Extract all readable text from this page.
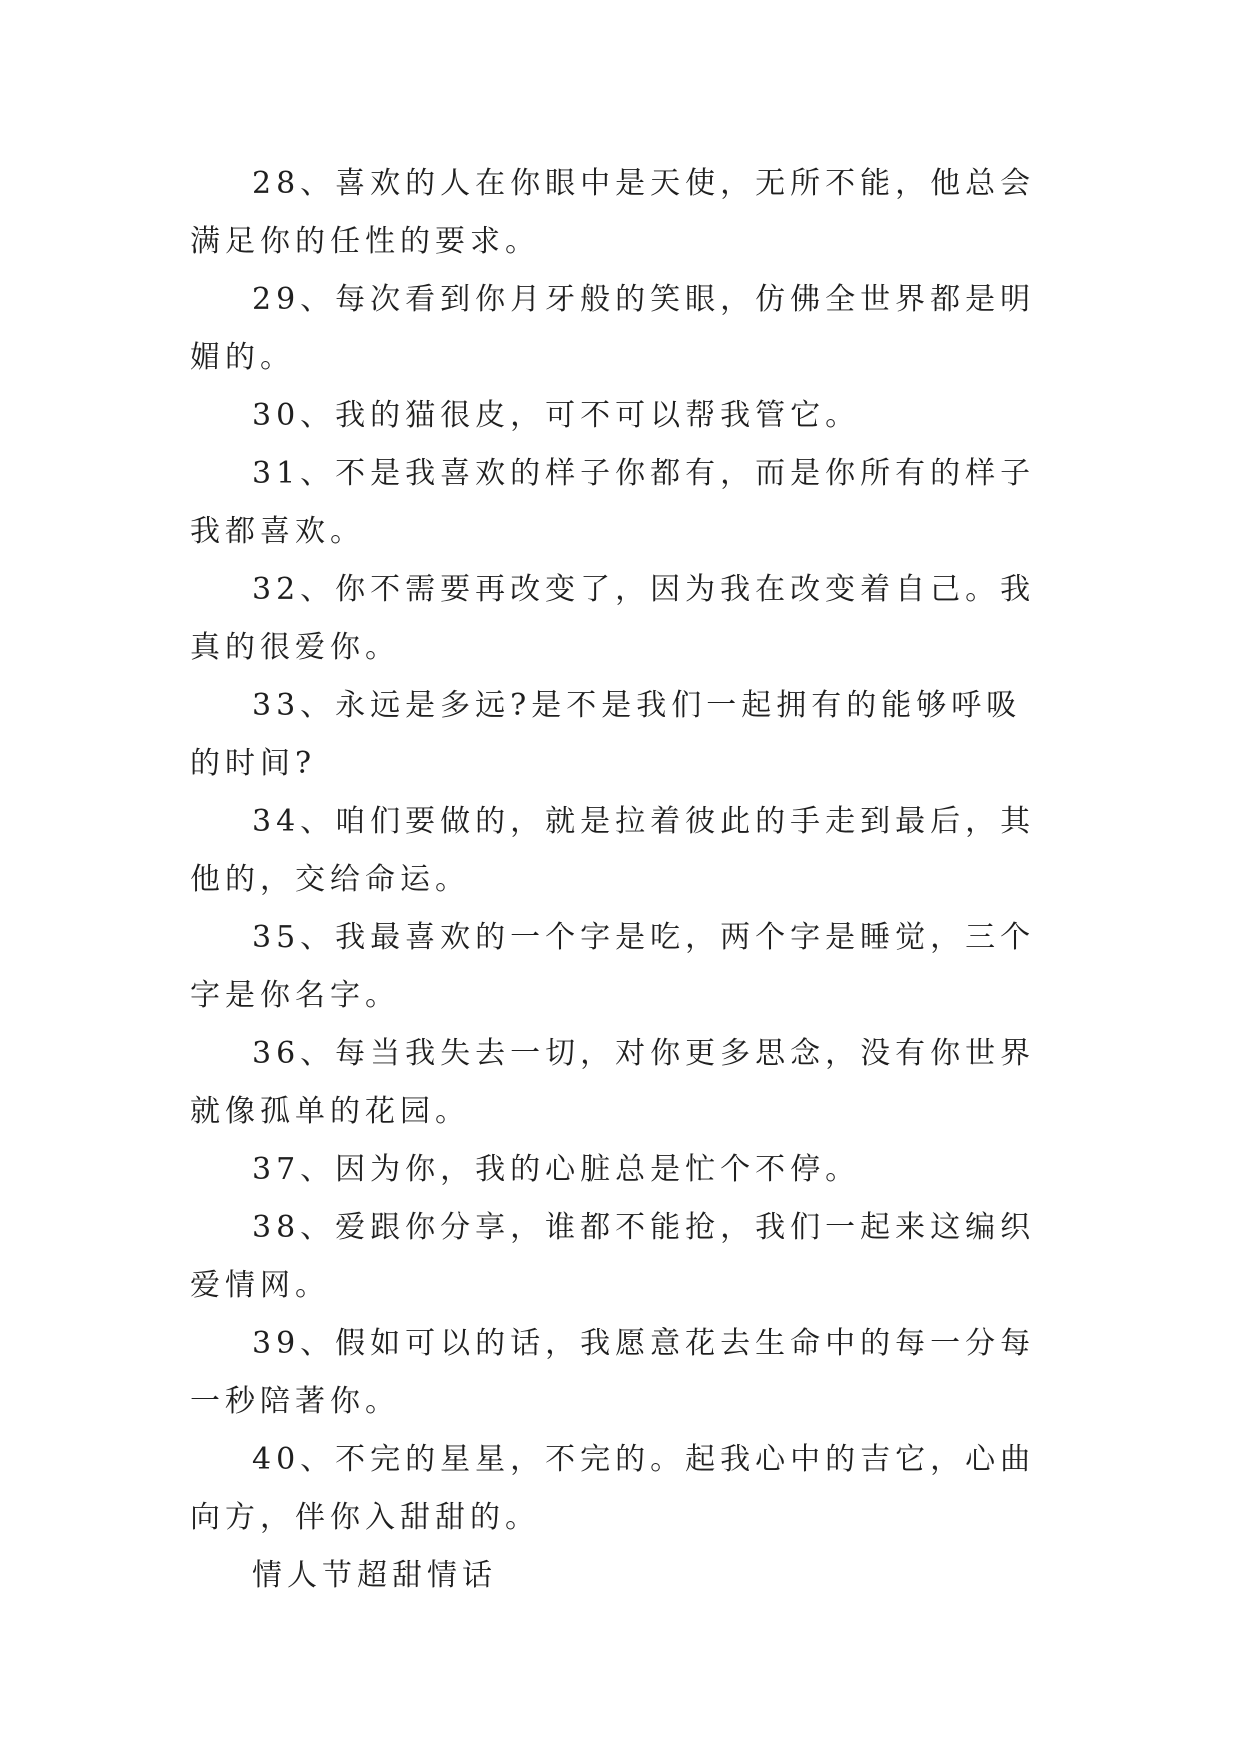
28、喜欢的人在你眼中是天使，无所不能，他总会满足你的任性的要求。

29、每次看到你月牙般的笑眼，仿佛全世界都是明媚的。

30、我的猫很皮，可不可以帮我管它。

31、不是我喜欢的样子你都有，而是你所有的样子我都喜欢。

32、你不需要再改变了，因为我在改变着自己。我真的很爱你。

33、永远是多远?是不是我们一起拥有的能够呼吸的时间?

34、咱们要做的，就是拉着彼此的手走到最后，其他的，交给命运。

35、我最喜欢的一个字是吃，两个字是睡觉，三个字是你名字。

36、每当我失去一切，对你更多思念，没有你世界就像孤单的花园。

37、因为你，我的心脏总是忙个不停。

38、爱跟你分享，谁都不能抢，我们一起来这编织爱情网。

39、假如可以的话，我愿意花去生命中的每一分每一秒陪著你。

40、不完的星星，不完的。起我心中的吉它，心曲向方，伴你入甜甜的。

情人节超甜情话
